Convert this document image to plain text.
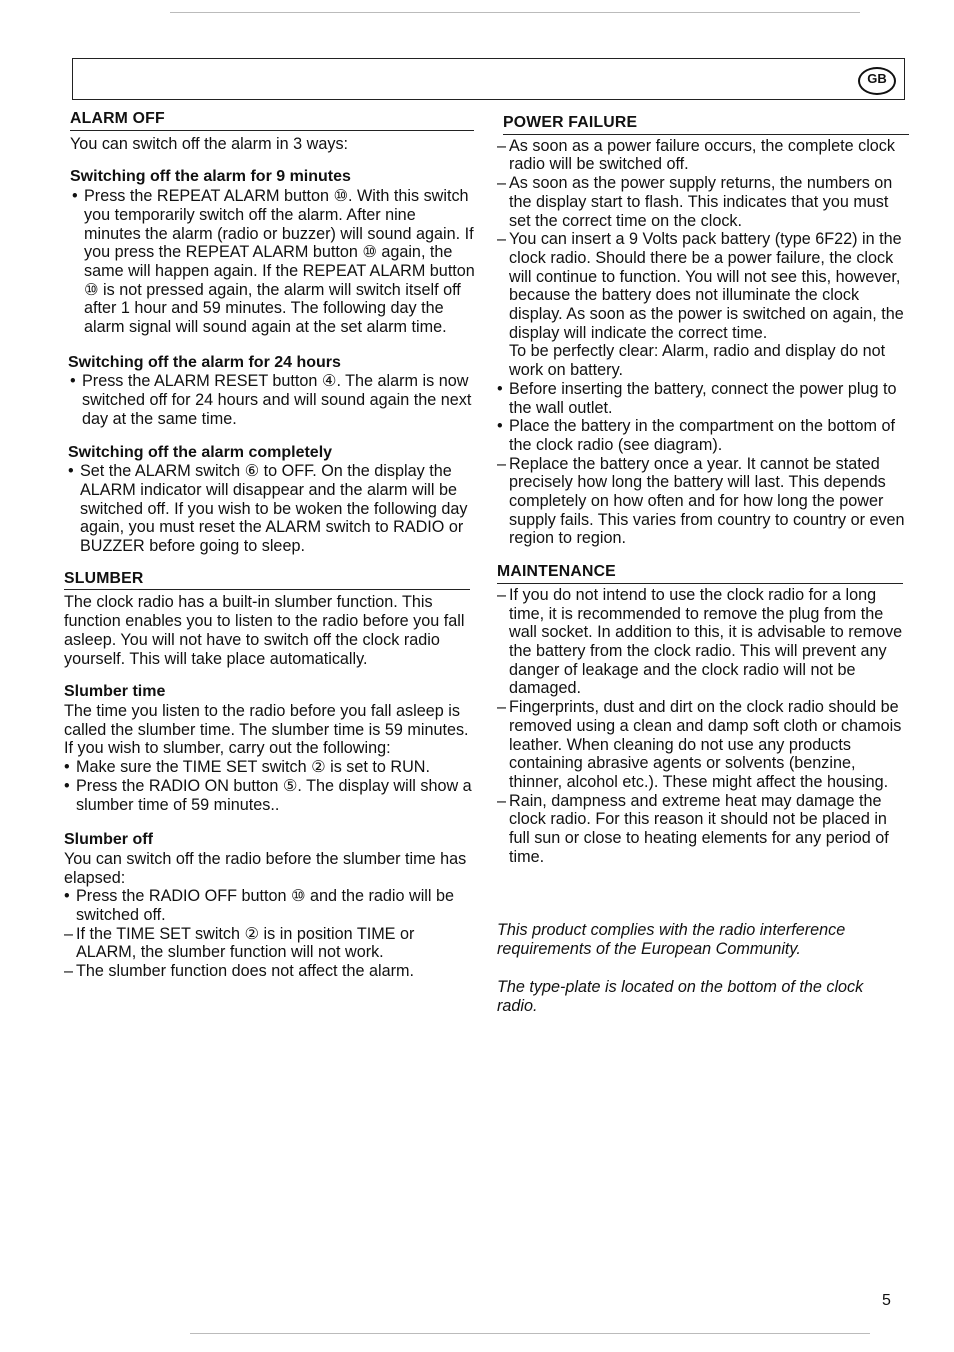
GB
ALARM OFF

You can switch off the alarm in 3 ways:

Switching off the alarm for 9 minutes
• Press the REPEAT ALARM button ⑩. With this switch you temporarily switch off the alarm. After nine minutes the alarm (radio or buzzer) will sound again. If you press the REPEAT ALARM button ⑩ again, the same will happen again. If the REPEAT ALARM button ⑩ is not pressed again, the alarm will switch itself off after 1 hour and 59 minutes. The following day the alarm signal will sound again at the set alarm time.
Switching off the alarm for 24 hours
• Press the ALARM RESET button ④. The alarm is now switched off for 24 hours and will sound again the next day at the same time.
Switching off the alarm completely
• Set the ALARM switch ⑥ to OFF. On the display the ALARM indicator will disappear and the alarm will be switched off. If you wish to be woken the following day again, you must reset the ALARM switch to RADIO or BUZZER before going to sleep.
SLUMBER

The clock radio has a built-in slumber function. This function enables you to listen to the radio before you fall asleep. You will not have to switch off the clock radio yourself. This will take place automatically.

Slumber time

The time you listen to the radio before you fall asleep is called the slumber time. The slumber time is 59 minutes.

If you wish to slumber, carry out the following:

• Make sure the TIME SET switch ② is set to RUN.
• Press the RADIO ON button ⑤. The display will show a slumber time of 59 minutes..
Slumber off

You can switch off the radio before the slumber time has elapsed:

• Press the RADIO OFF button ⑩ and the radio will be switched off.
– If the TIME SET switch ② is in position TIME or ALARM, the slumber function will not work.
– The slumber function does not affect the alarm.
POWER FAILURE
– As soon as a power failure occurs, the complete clock radio will be switched off.
– As soon as the power supply returns, the numbers on the display start to flash. This indicates that you must set the correct time on the clock.
– You can insert a 9 Volts pack battery (type 6F22) in the clock radio. Should there be a power failure, the clock will continue to function. You will not see this, however, because the battery does not illuminate the clock display. As soon as the power is switched on again, the display will indicate the correct time.
To be perfectly clear: Alarm, radio and display do not work on battery.
• Before inserting the battery, connect the power plug to the wall outlet.
• Place the battery in the compartment on the bottom of the clock radio (see diagram).
– Replace the battery once a year. It cannot be stated precisely how long the battery will last. This depends completely on how often and for how long the power supply fails. This varies from country to country or even region to region.
MAINTENANCE
– If you do not intend to use the clock radio for a long time, it is recommended to remove the plug from the wall socket. In addition to this, it is advisable to remove the battery from the clock radio. This will prevent any danger of leakage and the clock radio will not be damaged.
– Fingerprints, dust and dirt on the clock radio should be removed using a clean and damp soft cloth or chamois leather. When cleaning do not use any products containing abrasive agents or solvents (benzine, thinner, alcohol etc.). These might affect the housing.
– Rain, dampness and extreme heat may damage the clock radio. For this reason it should not be placed in full sun or close to heating elements for any period of time.

This product complies with the radio interference requirements of the European Community.

The type-plate is located on the bottom of the clock radio.

5
